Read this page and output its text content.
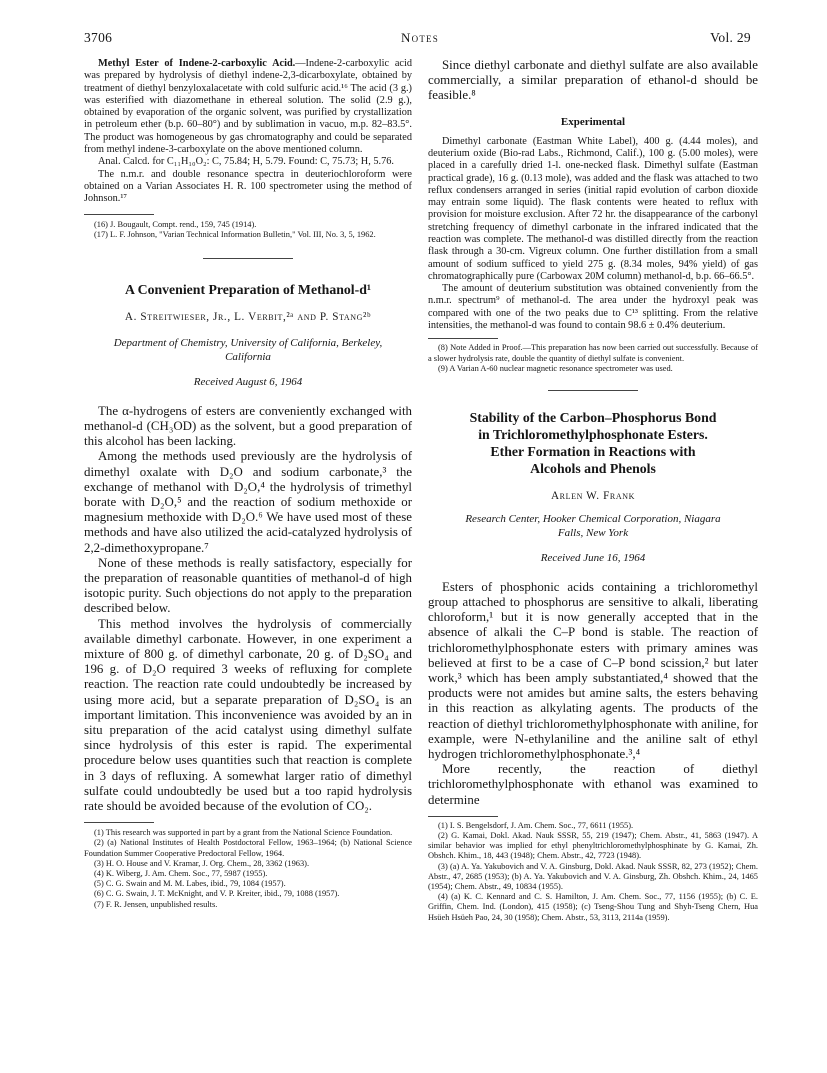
3706	Notes	Vol. 29

Methyl Ester of Indene-2-carboxylic Acid.—Indene-2-carboxylic acid was prepared by hydrolysis of diethyl indene-2,3-dicarboxylate, obtained by treatment of diethyl benzyloxalacetate with cold sulfuric acid.¹⁶ The acid (3 g.) was esterified with diazomethane in ethereal solution. The solid (2.9 g.), obtained by evaporation of the organic solvent, was purified by crystallization in petroleum ether (b.p. 60–80°) and by sublimation in vacuo, m.p. 82–83.5°. The product was homogeneous by gas chromatography and could be separated from methyl indene-3-carboxylate on the above mentioned column.

Anal. Calcd. for C₁₁H₁₀O₂: C, 75.84; H, 5.79. Found: C, 75.73; H, 5.76.

The n.m.r. and double resonance spectra in deuteriochloroform were obtained on a Varian Associates H. R. 100 spectrometer using the method of Johnson.¹⁷

(16) J. Bougault, Compt. rend., 159, 745 (1914).

(17) L. F. Johnson, "Varian Technical Information Bulletin," Vol. III, No. 3, 5, 1962.

A Convenient Preparation of Methanol-d¹

A. Streitwieser, Jr., L. Verbit,²ᵃ and P. Stang²ᵇ

Department of Chemistry, University of California, Berkeley, California

Received August 6, 1964

The α-hydrogens of esters are conveniently exchanged with methanol-d (CH₃OD) as the solvent, but a good preparation of this alcohol has been lacking.

Among the methods used previously are the hydrolysis of dimethyl oxalate with D₂O and sodium carbonate,³ the exchange of methanol with D₂O,⁴ the hydrolysis of trimethyl borate with D₂O,⁵ and the reaction of sodium methoxide or magnesium methoxide with D₂O.⁶ We have used most of these methods and have also utilized the acid-catalyzed hydrolysis of 2,2-dimethoxypropane.⁷

None of these methods is really satisfactory, especially for the preparation of reasonable quantities of methanol-d of high isotopic purity. Such objections do not apply to the preparation described below.

This method involves the hydrolysis of commercially available dimethyl carbonate. However, in one experiment a mixture of 800 g. of dimethyl carbonate, 20 g. of D₂SO₄ and 196 g. of D₂O required 3 weeks of refluxing for complete reaction. The reaction rate could undoubtedly be increased by using more acid, but a separate preparation of D₂SO₄ is an important limitation. This inconvenience was avoided by an in situ preparation of the acid catalyst using dimethyl sulfate since hydrolysis of this ester is rapid. The experimental procedure below uses quantities such that reaction is complete in 3 days of refluxing. A somewhat larger ratio of dimethyl sulfate could undoubtedly be used but a too rapid hydrolysis rate should be avoided because of the evolution of CO₂.

(1) This research was supported in part by a grant from the National Science Foundation.

(2) (a) National Institutes of Health Postdoctoral Fellow, 1963–1964; (b) National Science Foundation Summer Cooperative Predoctoral Fellow, 1964.

(3) H. O. House and V. Kramar, J. Org. Chem., 28, 3362 (1963).

(4) K. Wiberg, J. Am. Chem. Soc., 77, 5987 (1955).

(5) C. G. Swain and M. M. Labes, ibid., 79, 1084 (1957).

(6) C. G. Swain, J. T. McKnight, and V. P. Kreiter, ibid., 79, 1088 (1957).

(7) F. R. Jensen, unpublished results.

Since diethyl carbonate and diethyl sulfate are also available commercially, a similar preparation of ethanol-d should be feasible.⁸

Experimental

Dimethyl carbonate (Eastman White Label), 400 g. (4.44 moles), and deuterium oxide (Bio-rad Labs., Richmond, Calif.), 100 g. (5.00 moles), were placed in a carefully dried 1-l. one-necked flask. Dimethyl sulfate (Eastman practical grade), 16 g. (0.13 mole), was added and the flask was attached to two reflux condensers arranged in series (initial rapid evolution of carbon dioxide may entrain some liquid). The flask contents were heated to reflux with provision for moisture exclusion. After 72 hr. the disappearance of the carbonyl stretching frequency of dimethyl carbonate in the infrared indicated that the reaction was complete. The methanol-d was distilled directly from the reaction flask through a 30-cm. Vigreux column. One further distillation from a small amount of sodium sufficed to yield 275 g. (8.34 moles, 94% yield) of gas chromatographically pure (Carbowax 20M column) methanol-d, b.p. 66–66.5°.

The amount of deuterium substitution was obtained conveniently from the n.m.r. spectrum⁹ of methanol-d. The area under the hydroxyl peak was compared with one of the two peaks due to C¹³ splitting. From the relative intensities, the methanol-d was found to contain 98.6 ± 0.4% deuterium.

(8) Note Added in Proof.—This preparation has now been carried out successfully. Because of a slower hydrolysis rate, double the quantity of diethyl sulfate is convenient.

(9) A Varian A-60 nuclear magnetic resonance spectrometer was used.

Stability of the Carbon–Phosphorus Bond

in Trichloromethylphosphonate Esters.

Ether Formation in Reactions with

Alcohols and Phenols

Arlen W. Frank

Research Center, Hooker Chemical Corporation, Niagara Falls, New York

Received June 16, 1964

Esters of phosphonic acids containing a trichloromethyl group attached to phosphorus are sensitive to alkali, liberating chloroform,¹ but it is now generally accepted that in the absence of alkali the C–P bond is stable. The reaction of trichloromethylphosphonate esters with primary amines was believed at first to be a case of C–P bond scission,² but later work,³ which has been amply substantiated,⁴ showed that the products were not amides but amine salts, the esters behaving in this reaction as alkylating agents. The products of the reaction of diethyl trichloromethylphosphonate with aniline, for example, were N-ethylaniline and the aniline salt of ethyl hydrogen trichloromethylphosphonate.³,⁴

More recently, the reaction of diethyl trichloromethylphosphonate with ethanol was examined to determine

(1) I. S. Bengelsdorf, J. Am. Chem. Soc., 77, 6611 (1955).

(2) G. Kamai, Dokl. Akad. Nauk SSSR, 55, 219 (1947); Chem. Abstr., 41, 5863 (1947). A similar behavior was implied for ethyl phenyltrichloromethylphosphinate by G. Kamai, Zh. Obshch. Khim., 18, 443 (1948); Chem. Abstr., 42, 7723 (1948).

(3) (a) A. Ya. Yakubovich and V. A. Ginsburg, Dokl. Akad. Nauk SSSR, 82, 273 (1952); Chem. Abstr., 47, 2685 (1953); (b) A. Ya. Yakubovich and V. A. Ginsburg, Zh. Obshch. Khim., 24, 1465 (1954); Chem. Abstr., 49, 10834 (1955).

(4) (a) K. C. Kennard and C. S. Hamilton, J. Am. Chem. Soc., 77, 1156 (1955); (b) C. E. Griffin, Chem. Ind. (London), 415 (1958); (c) Tseng-Shou Tung and Shyh-Tseng Chern, Hua Hsüeh Hsüeh Pao, 24, 30 (1958); Chem. Abstr., 53, 3113, 2114a (1959).
